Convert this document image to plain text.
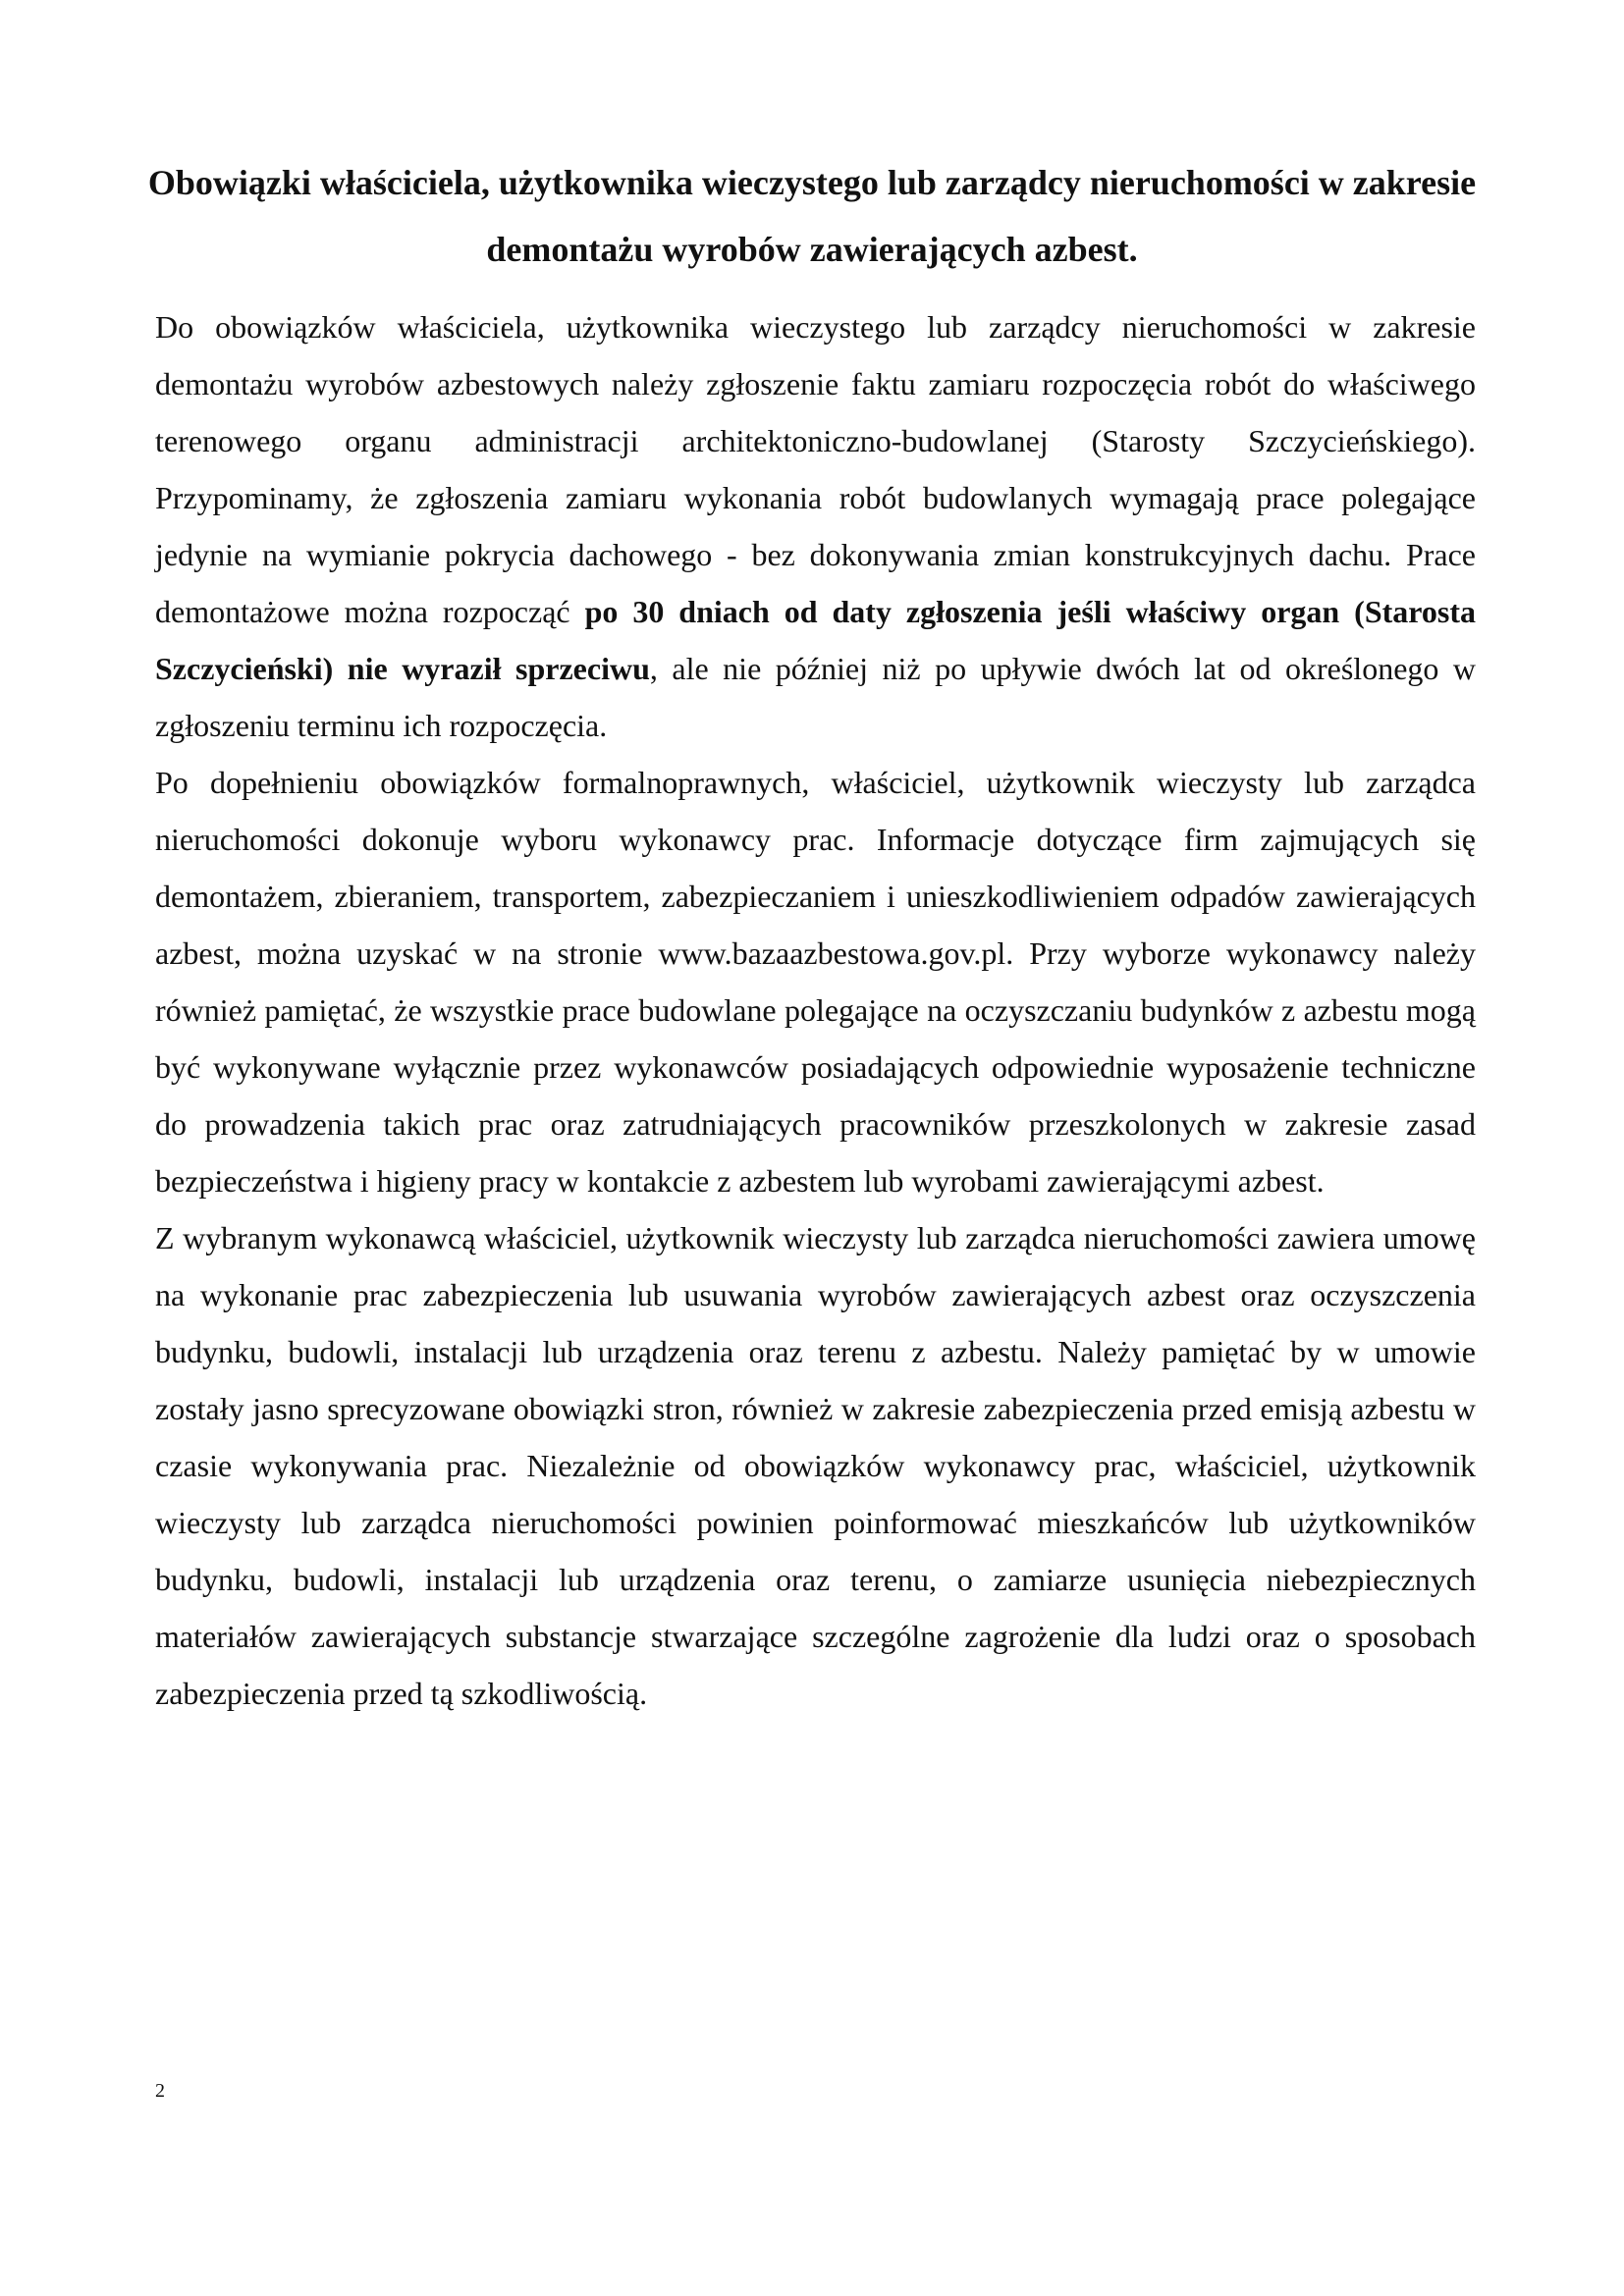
Obowiązki właściciela, użytkownika wieczystego lub zarządcy nieruchomości w zakresie demontażu wyrobów zawierających azbest.

Do obowiązków właściciela, użytkownika wieczystego lub zarządcy nieruchomości w zakresie demontażu wyrobów azbestowych należy zgłoszenie faktu zamiaru rozpoczęcia robót do właściwego terenowego organu administracji architektoniczno-budowlanej (Starosty Szczycieńskiego). Przypominamy, że zgłoszenia zamiaru wykonania robót budowlanych wymagają prace polegające jedynie na wymianie pokrycia dachowego - bez dokonywania zmian konstrukcyjnych dachu. Prace demontażowe można rozpocząć po 30 dniach od daty zgłoszenia jeśli właściwy organ (Starosta Szczycieński) nie wyraził sprzeciwu, ale nie później niż po upływie dwóch lat od określonego w zgłoszeniu terminu ich rozpoczęcia.

Po dopełnieniu obowiązków formalnoprawnych, właściciel, użytkownik wieczysty lub zarządca nieruchomości dokonuje wyboru wykonawcy prac. Informacje dotyczące firm zajmujących się demontażem, zbieraniem, transportem, zabezpieczaniem i unieszkodliwieniem odpadów zawierających azbest, można uzyskać w na stronie www.bazaazbestowa.gov.pl. Przy wyborze wykonawcy należy również pamiętać, że wszystkie prace budowlane polegające na oczyszczaniu budynków z azbestu mogą być wykonywane wyłącznie przez wykonawców posiadających odpowiednie wyposażenie techniczne do prowadzenia takich prac oraz zatrudniających pracowników przeszkolonych w zakresie zasad bezpieczeństwa i higieny pracy w kontakcie z azbestem lub wyrobami zawierającymi azbest.

Z wybranym wykonawcą właściciel, użytkownik wieczysty lub zarządca nieruchomości zawiera umowę na wykonanie prac zabezpieczenia lub usuwania wyrobów zawierających azbest oraz oczyszczenia budynku, budowli, instalacji lub urządzenia oraz terenu z azbestu. Należy pamiętać by w umowie zostały jasno sprecyzowane obowiązki stron, również w zakresie zabezpieczenia przed emisją azbestu w czasie wykonywania prac. Niezależnie od obowiązków wykonawcy prac, właściciel, użytkownik wieczysty lub zarządca nieruchomości powinien poinformować mieszkańców lub użytkowników budynku, budowli, instalacji lub urządzenia oraz terenu, o zamiarze usunięcia niebezpiecznych materiałów zawierających substancje stwarzające szczególne zagrożenie dla ludzi oraz o sposobach zabezpieczenia przed tą szkodliwością.

2
